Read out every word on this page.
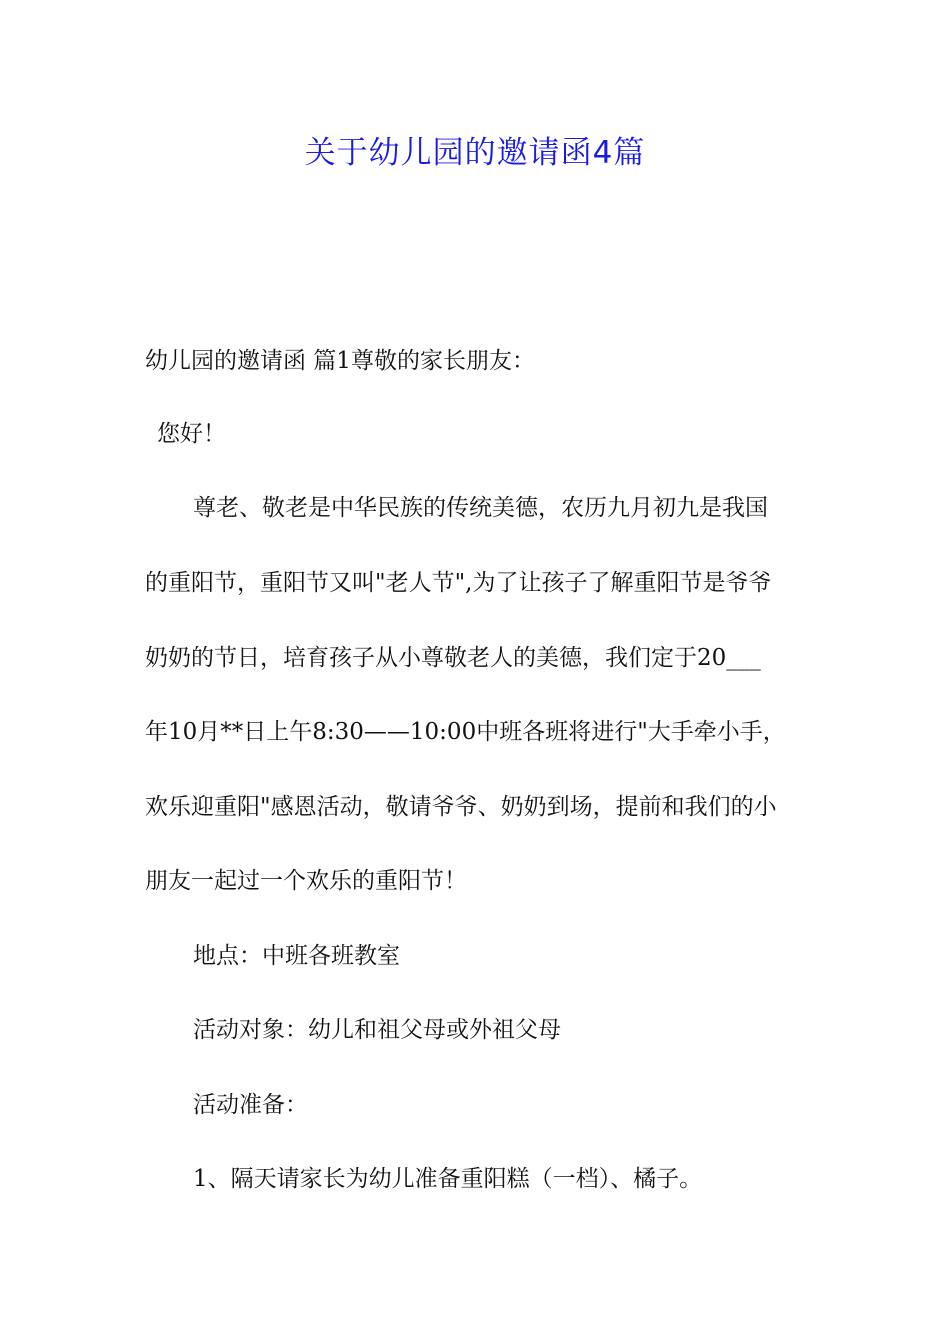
关于幼儿园的邀请函4篇

幼儿园的邀请函 篇1尊敬的家长朋友：

您好！

尊老、敬老是中华民族的传统美德，农历九月初九是我国

的重阳节，重阳节又叫"老人节",为了让孩子了解重阳节是爷爷

奶奶的节日，培育孩子从小尊敬老人的美德，我们定于20___

年10月**日上午8:30——10:00中班各班将进行"大手牵小手，

欢乐迎重阳"感恩活动，敬请爷爷、奶奶到场，提前和我们的小

朋友一起过一个欢乐的重阳节！

地点：中班各班教室

活动对象：幼儿和祖父母或外祖父母

活动准备：

1、隔天请家长为幼儿准备重阳糕（一档）、橘子。
